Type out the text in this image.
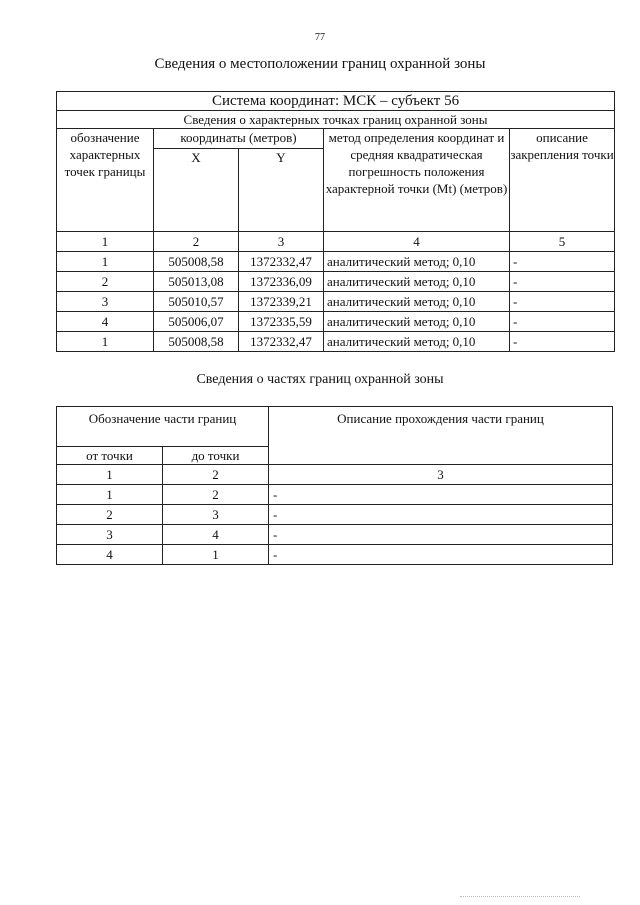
77
Сведения о местоположении границ охранной зоны
Система координат: МСК – субъект 56				
Сведения о характерных точках границ охранной зоны				
обозначение характерных точек границы	координаты (метров)		метод определения координат и средняя квадратическая погрешность положения характерной точки (Mt) (метров)	описание закрепления точки
	X	Y		
1	2	3	4	5
1	505008,58	1372332,47	аналитический метод; 0,10	-
2	505013,08	1372336,09	аналитический метод; 0,10	-
3	505010,57	1372339,21	аналитический метод; 0,10	-
4	505006,07	1372335,59	аналитический метод; 0,10	-
1	505008,58	1372332,47	аналитический метод; 0,10	-
Сведения о частях границ охранной зоны
Обозначение части границ		Описание прохождения части границ
от точки	до точки	
1	2	3
1	2	-
2	3	-
3	4	-
4	1	-
